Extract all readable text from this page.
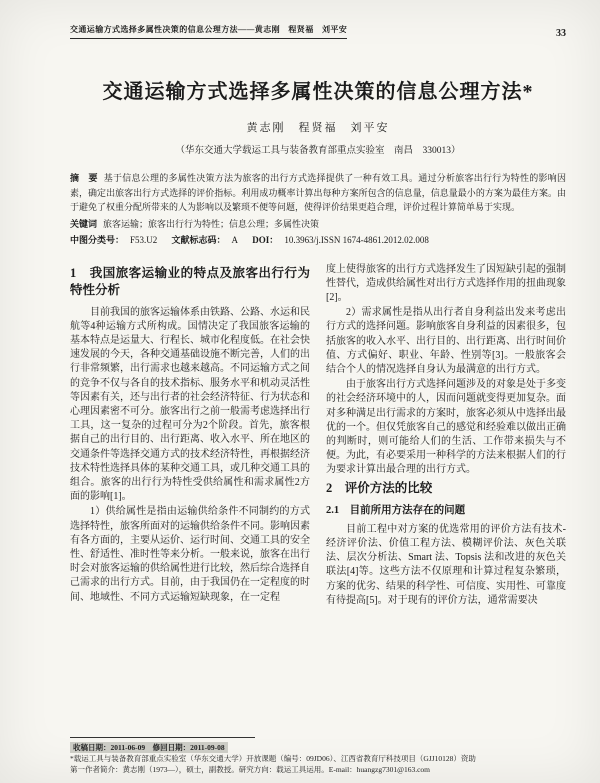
交通运输方式选择多属性决策的信息公理方法——黄志刚　程贤福　刘平安	33
交通运输方式选择多属性决策的信息公理方法*
黄志刚　程贤福　刘平安
（华东交通大学载运工具与装备教育部重点实验室　南昌　330013）
摘　要 基于信息公理的多属性决策方法为旅客的出行方式选择提供了一种有效工具。通过分析旅客出行行为特性的影响因素，确定出旅客出行方式选择的评价指标。利用成功概率计算出每种方案所包含的信息量，信息量最小的方案为最佳方案。由于避免了权重分配所带来的人为影响以及繁琐不便等问题，使得评价结果更趋合理，评价过程计算简单易于实现。
关键词 旅客运输；旅客出行行为特性；信息公理；多属性决策
中图分类号： F53.U2 文献标志码： A DOI： 10.3963/j.ISSN 1674-4861.2012.02.008
1　我国旅客运输业的特点及旅客出行行为特性分析

目前我国的旅客运输体系由铁路、公路、水运和民航等4种运输方式所构成。国情决定了我国旅客运输的基本特点是运量大、行程长、城市化程度低。在社会快速发展的今天，各种交通基础设施不断完善，人们的出行非常频繁，出行需求也越来越高。不同运输方式之间的竞争不仅与各自的技术指标、服务水平和机动灵活性等因素有关，还与出行者的社会经济特征、行为状态和心理因素密不可分。旅客出行之前一般需考虑选择出行工具，这一复杂的过程可分为2个阶段。首先，旅客根据自己的出行目的、出行距离、收入水平、所在地区的交通条件等选择交通方式的技术经济特性，再根据经济技术特性选择具体的某种交通工具，或几种交通工具的组合。旅客的出行行为特性受供给属性和需求属性2方面的影响[1]。

1）供给属性是指由运输供给条件不同制约的方式选择特性，旅客所面对的运输供给条件不同。影响因素有各方面的，主要从运价、运行时间、交通工具的安全性、舒适性、准时性等来分析。一般来说，旅客在出行时会对旅客运输的供给属性进行比较，然后综合选择自己需求的出行方式。目前，由于我国仍在一定程度的时间、地域性、不同方式运输短缺现象，在一定程

度上使得旅客的出行方式选择发生了因短缺引起的强制性替代，造成供给属性对出行方式选择作用的扭曲现象[2]。

2）需求属性是指从出行者自身利益出发来考虑出行方式的选择问题。影响旅客自身利益的因素很多，包括旅客的收入水平、出行目的、出行距离、出行时间价值、方式偏好、职业、年龄、性别等[3]。一般旅客会结合个人的情况选择自身认为最满意的出行方式。

由于旅客出行方式选择问题涉及的对象是处于多变的社会经济环境中的人，因而问题就变得更加复杂。面对多种满足出行需求的方案时，旅客必须从中选择出最优的一个。但仅凭旅客自己的感觉和经验难以做出正确的判断时，则可能给人们的生活、工作带来损失与不便。为此，有必要采用一种科学的方法来根据人们的行为要求计算出最合理的出行方式。

2　评价方法的比较
2.1　目前所用方法存在的问题

目前工程中对方案的优选常用的评价方法有技术-经济评价法、价值工程方法、模糊评价法、灰色关联法、层次分析法、Smart 法、Topsis 法和改进的灰色关联法[4]等。这些方法不仅原理和计算过程复杂繁琐，方案的优劣、结果的科学性、可信度、实用性、可靠度有待提高[5]。对于现有的评价方法，通常需要决

收稿日期：2011-06-09　修回日期：2011-09-08
*载运工具与装备教育部重点实验室（华东交通大学）开放课题（编号：09JD06）、江西省教育厅科技项目（GJJ10128）资助
第一作者简介：黄志刚（1973—），硕士，副教授。研究方向：载运工具运用。E-mail：huangzg7301@163.com
